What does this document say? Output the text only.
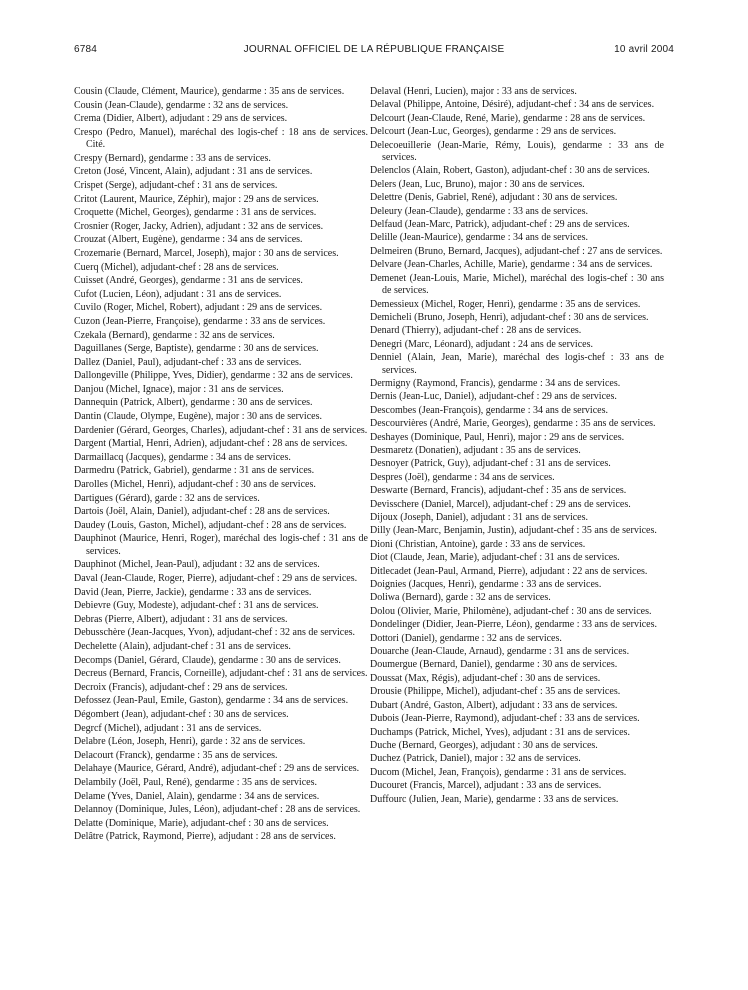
6784	JOURNAL OFFICIEL DE LA RÉPUBLIQUE FRANÇAISE	10 avril 2004

Cousin (Claude, Clément, Maurice), gendarme : 35 ans de services.

Cousin (Jean-Claude), gendarme : 32 ans de services.

Crema (Didier, Albert), adjudant : 29 ans de services.

Crespo (Pedro, Manuel), maréchal des logis-chef : 18 ans de services. Cité.

Crespy (Bernard), gendarme : 33 ans de services.

Creton (José, Vincent, Alain), adjudant : 31 ans de services.

Crispet (Serge), adjudant-chef : 31 ans de services.

Critot (Laurent, Maurice, Zéphir), major : 29 ans de services.

Croquette (Michel, Georges), gendarme : 31 ans de services.

Crosnier (Roger, Jacky, Adrien), adjudant : 32 ans de services.

Crouzat (Albert, Eugène), gendarme : 34 ans de services.

Crozemarie (Bernard, Marcel, Joseph), major : 30 ans de services.

Cuerq (Michel), adjudant-chef : 28 ans de services.

Cuisset (André, Georges), gendarme : 31 ans de services.

Cufot (Lucien, Léon), adjudant : 31 ans de services.

Cuvilo (Roger, Michel, Robert), adjudant : 29 ans de services.

Cuzon (Jean-Pierre, Françoise), gendarme : 33 ans de services.

Czekala (Bernard), gendarme : 32 ans de services.

Daguillanes (Serge, Baptiste), gendarme : 30 ans de services.

Dallez (Daniel, Paul), adjudant-chef : 33 ans de services.

Dallongeville (Philippe, Yves, Didier), gendarme : 32 ans de services.

Danjou (Michel, Ignace), major : 31 ans de services.

Dannequin (Patrick, Albert), gendarme : 30 ans de services.

Dantin (Claude, Olympe, Eugène), major : 30 ans de services.

Dardenier (Gérard, Georges, Charles), adjudant-chef : 31 ans de services.

Dargent (Martial, Henri, Adrien), adjudant-chef : 28 ans de services.

Darmaillacq (Jacques), gendarme : 34 ans de services.

Darmedru (Patrick, Gabriel), gendarme : 31 ans de services.

Darolles (Michel, Henri), adjudant-chef : 30 ans de services.

Dartigues (Gérard), garde : 32 ans de services.

Dartois (Joël, Alain, Daniel), adjudant-chef : 28 ans de services.

Daudey (Louis, Gaston, Michel), adjudant-chef : 28 ans de services.

Dauphinot (Maurice, Henri, Roger), maréchal des logis-chef : 31 ans de services.

Dauphinot (Michel, Jean-Paul), adjudant : 32 ans de services.

Daval (Jean-Claude, Roger, Pierre), adjudant-chef : 29 ans de services.

David (Jean, Pierre, Jackie), gendarme : 33 ans de services.

Debievre (Guy, Modeste), adjudant-chef : 31 ans de services.

Debras (Pierre, Albert), adjudant : 31 ans de services.

Debusschère (Jean-Jacques, Yvon), adjudant-chef : 32 ans de services.

Dechelette (Alain), adjudant-chef : 31 ans de services.

Decomps (Daniel, Gérard, Claude), gendarme : 30 ans de services.

Decreus (Bernard, Francis, Corneille), adjudant-chef : 31 ans de services.

Decroix (Francis), adjudant-chef : 29 ans de services.

Defossez (Jean-Paul, Emile, Gaston), gendarme : 34 ans de services.

Dégombert (Jean), adjudant-chef : 30 ans de services.

Degrcf (Michel), adjudant : 31 ans de services.

Delabre (Léon, Joseph, Henri), garde : 32 ans de services.

Delacourt (Franck), gendarme : 35 ans de services.

Delahaye (Maurice, Gérard, André), adjudant-chef : 29 ans de services.

Delambily (Joël, Paul, René), gendarme : 35 ans de services.

Delame (Yves, Daniel, Alain), gendarme : 34 ans de services.

Delannoy (Dominique, Jules, Léon), adjudant-chef : 28 ans de services.

Delatte (Dominique, Marie), adjudant-chef : 30 ans de services.

Delâtre (Patrick, Raymond, Pierre), adjudant : 28 ans de services.

Delaval (Henri, Lucien), major : 33 ans de services.

Delaval (Philippe, Antoine, Désiré), adjudant-chef : 34 ans de services.

Delcourt (Jean-Claude, René, Marie), gendarme : 28 ans de services.

Delcourt (Jean-Luc, Georges), gendarme : 29 ans de services.

Delecoeuillerie (Jean-Marie, Rémy, Louis), gendarme : 33 ans de services.

Delenclos (Alain, Robert, Gaston), adjudant-chef : 30 ans de services.

Delers (Jean, Luc, Bruno), major : 30 ans de services.

Delettre (Denis, Gabriel, René), adjudant : 30 ans de services.

Deleury (Jean-Claude), gendarme : 33 ans de services.

Delfaud (Jean-Marc, Patrick), adjudant-chef : 29 ans de services.

Delille (Jean-Maurice), gendarme : 34 ans de services.

Delmeiren (Bruno, Bernard, Jacques), adjudant-chef : 27 ans de services.

Delvare (Jean-Charles, Achille, Marie), gendarme : 34 ans de services.

Demenet (Jean-Louis, Marie, Michel), maréchal des logis-chef : 30 ans de services.

Demessieux (Michel, Roger, Henri), gendarme : 35 ans de services.

Demicheli (Bruno, Joseph, Henri), adjudant-chef : 30 ans de services.

Denard (Thierry), adjudant-chef : 28 ans de services.

Denegri (Marc, Léonard), adjudant : 24 ans de services.

Denniel (Alain, Jean, Marie), maréchal des logis-chef : 33 ans de services.

Dermigny (Raymond, Francis), gendarme : 34 ans de services.

Dernis (Jean-Luc, Daniel), adjudant-chef : 29 ans de services.

Descombes (Jean-François), gendarme : 34 ans de services.

Descourvières (André, Marie, Georges), gendarme : 35 ans de services.

Deshayes (Dominique, Paul, Henri), major : 29 ans de services.

Desmaretz (Donatien), adjudant : 35 ans de services.

Desnoyer (Patrick, Guy), adjudant-chef : 31 ans de services.

Despres (Joël), gendarme : 34 ans de services.

Deswarte (Bernard, Francis), adjudant-chef : 35 ans de services.

Devisschere (Daniel, Marcel), adjudant-chef : 29 ans de services.

Dijoux (Joseph, Daniel), adjudant : 31 ans de services.

Dilly (Jean-Marc, Benjamin, Justin), adjudant-chef : 35 ans de services.

Dioni (Christian, Antoine), garde : 33 ans de services.

Diot (Claude, Jean, Marie), adjudant-chef : 31 ans de services.

Ditlecadet (Jean-Paul, Armand, Pierre), adjudant : 22 ans de services.

Doignies (Jacques, Henri), gendarme : 33 ans de services.

Doliwa (Bernard), garde : 32 ans de services.

Dolou (Olivier, Marie, Philomène), adjudant-chef : 30 ans de services.

Dondelinger (Didier, Jean-Pierre, Léon), gendarme : 33 ans de services.

Dottori (Daniel), gendarme : 32 ans de services.

Douarche (Jean-Claude, Arnaud), gendarme : 31 ans de services.

Doumergue (Bernard, Daniel), gendarme : 30 ans de services.

Doussat (Max, Régis), adjudant-chef : 30 ans de services.

Drousie (Philippe, Michel), adjudant-chef : 35 ans de services.

Dubart (André, Gaston, Albert), adjudant : 33 ans de services.

Dubois (Jean-Pierre, Raymond), adjudant-chef : 33 ans de services.

Duchamps (Patrick, Michel, Yves), adjudant : 31 ans de services.

Duche (Bernard, Georges), adjudant : 30 ans de services.

Duchez (Patrick, Daniel), major : 32 ans de services.

Ducom (Michel, Jean, François), gendarme : 31 ans de services.

Ducouret (Francis, Marcel), adjudant : 33 ans de services.

Duffourc (Julien, Jean, Marie), gendarme : 33 ans de services.
